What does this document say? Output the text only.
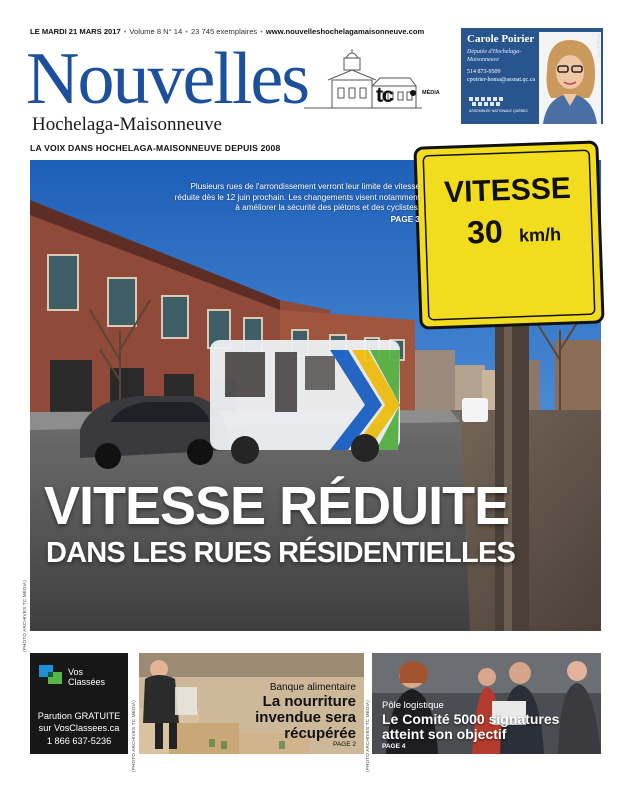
LE MARDI 21 MARS 2017 • Volume 8 N° 14 • 23 745 exemplaires • www.nouvelleshochelagamaisonneuve.com
Nouvelles	tc	MÉDIA
Hochelaga-Maisonneuve
LA VOIX DANS HOCHELAGA-MAISONNEUVE DEPUIS 2008
Carole Poirier
Députée d'Hochelaga-Maisonneuve
514 873-9509
cpoirier-homa@assnat.qc.ca
ASSEMBLÉE NATIONALE QUÉBEC
PUBLICITÉ
VITESSE
30 km/h
Plusieurs rues de l'arrondissement verront leur limite de vitesse réduite dès le 12 juin prochain. Les changements visent notamment à améliorer la sécurité des piétons et des cyclistes.
PAGE 3
VITESSE RÉDUITE
DANS LES RUES RÉSIDENTIELLES
(PHOTO ARCHIVES TC MÉDIA)
Vos
Classées
Parution GRATUITE
sur VosClassees.ca
1 866 637-5236
Banque alimentaire
La nourriture invendue sera récupérée
PAGE 2
(PHOTO ARCHIVES TC MÉDIA)	Pôle logistique
Le Comité 5000 signatures atteint son objectif
PAGE 4
(PHOTO ARCHIVES TC MÉDIA)
